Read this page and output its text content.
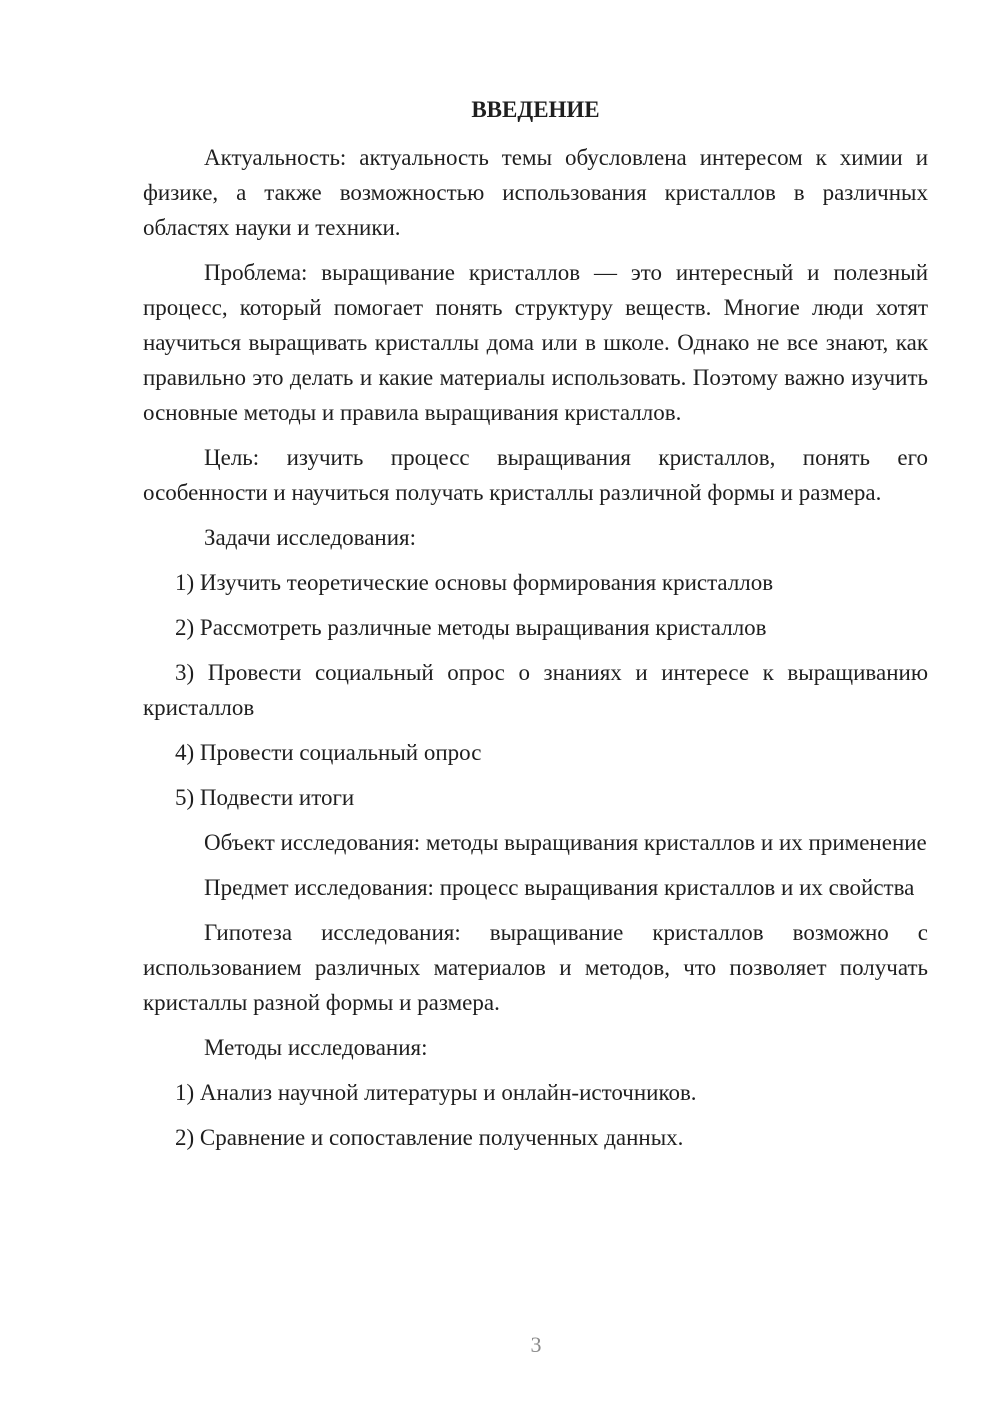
ВВЕДЕНИЕ

Актуальность: актуальность темы обусловлена интересом к химии и физике, а также возможностью использования кристаллов в различных областях науки и техники.

Проблема: выращивание кристаллов — это интересный и полезный процесс, который помогает понять структуру веществ. Многие люди хотят научиться выращивать кристаллы дома или в школе. Однако не все знают, как правильно это делать и какие материалы использовать. Поэтому важно изучить основные методы и правила выращивания кристаллов.

Цель: изучить процесс выращивания кристаллов, понять его особенности и научиться получать кристаллы различной формы и размера.

Задачи исследования:

1) Изучить теоретические основы формирования кристаллов

2) Рассмотреть различные методы выращивания кристаллов

3) Провести социальный опрос о знаниях и интересе к выращиванию кристаллов

4) Провести социальный опрос

5) Подвести итоги

Объект исследования: методы выращивания кристаллов и их применение

Предмет исследования: процесс выращивания кристаллов и их свойства

Гипотеза исследования: выращивание кристаллов возможно с использованием различных материалов и методов, что позволяет получать кристаллы разной формы и размера.

Методы исследования:

1) Анализ научной литературы и онлайн-источников.

2) Сравнение и сопоставление полученных данных.

3
